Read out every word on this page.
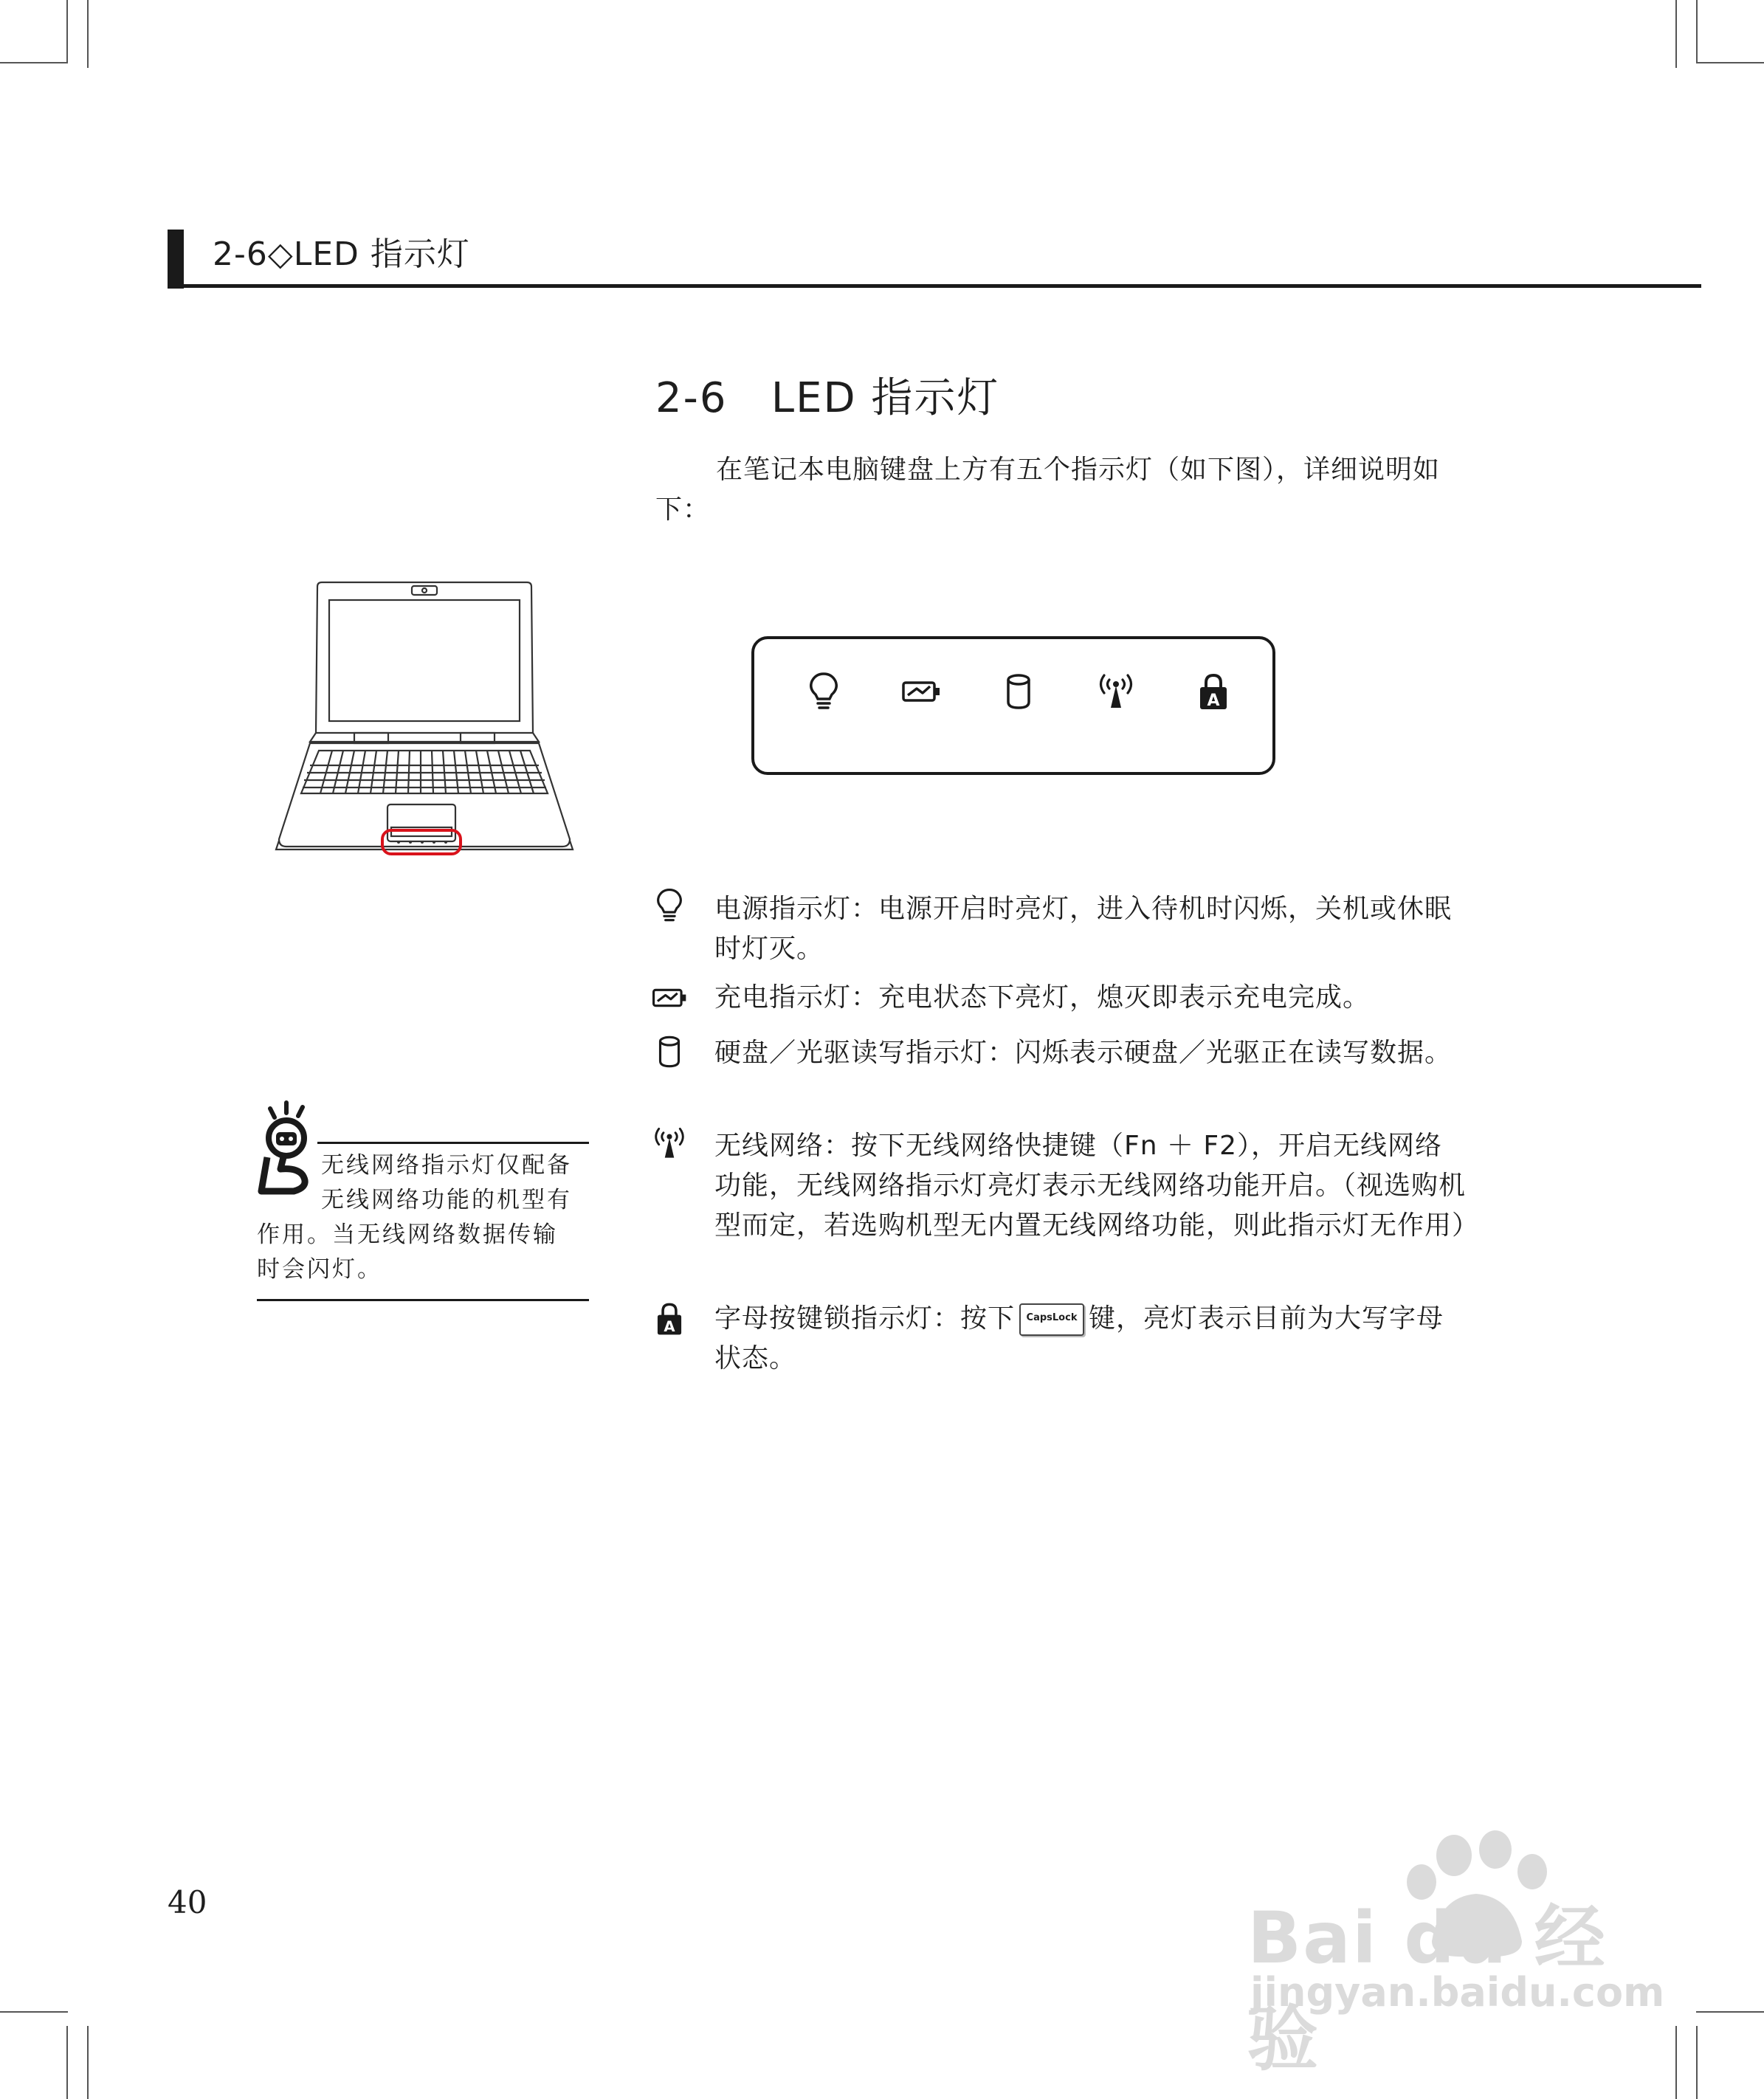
2-6◇LED 指示灯
2-6   LED 指示灯
在笔记本电脑键盘上方有五个指示灯（如下图），详细说明如下：
A
电源指示灯：电源开启时亮灯，进入待机时闪烁，关机或休眠时灯灭。
充电指示灯：充电状态下亮灯，熄灭即表示充电完成。
硬盘／光驱读写指示灯：闪烁表示硬盘／光驱正在读写数据。
无线网络：按下无线网络快捷键（Fn ＋ F2），开启无线网络功能，无线网络指示灯亮灯表示无线网络功能开启。（视选购机型而定，若选购机型无内置无线网络功能，则此指示灯无作用）
A 字母按键锁指示灯：按下 CapsLock 键，亮灯表示目前为大写字母状态。
无线网络指示灯仅配备
无线网络功能的机型有
作用。当无线网络数据传输
时会闪灯。
40	Bai du 经验
jingyan.baidu.com
